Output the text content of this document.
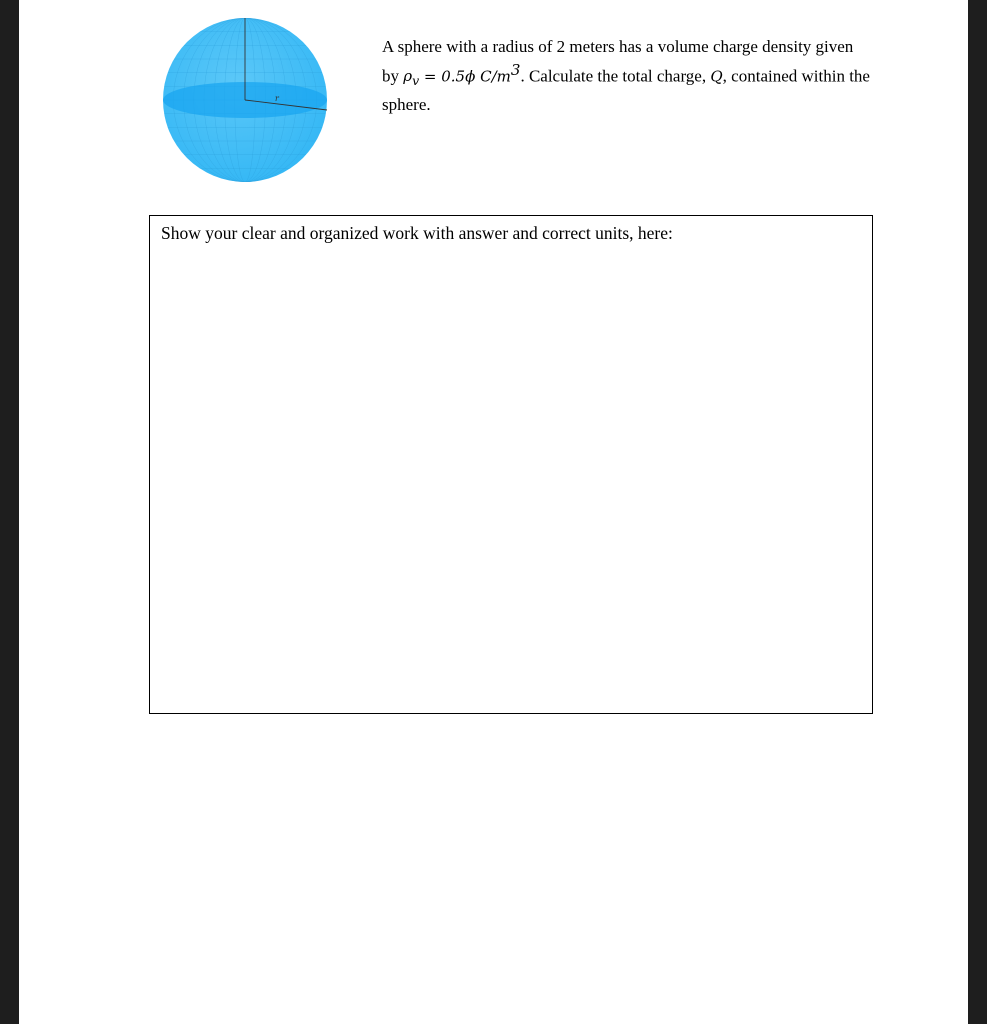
r
A sphere with a radius of 2 meters has a volume charge density given by $\rho_v = 0.5\phi$ $C/m^3$. Calculate the total charge, Q, contained within the sphere.
Show your clear and organized work with answer and correct units, here:
